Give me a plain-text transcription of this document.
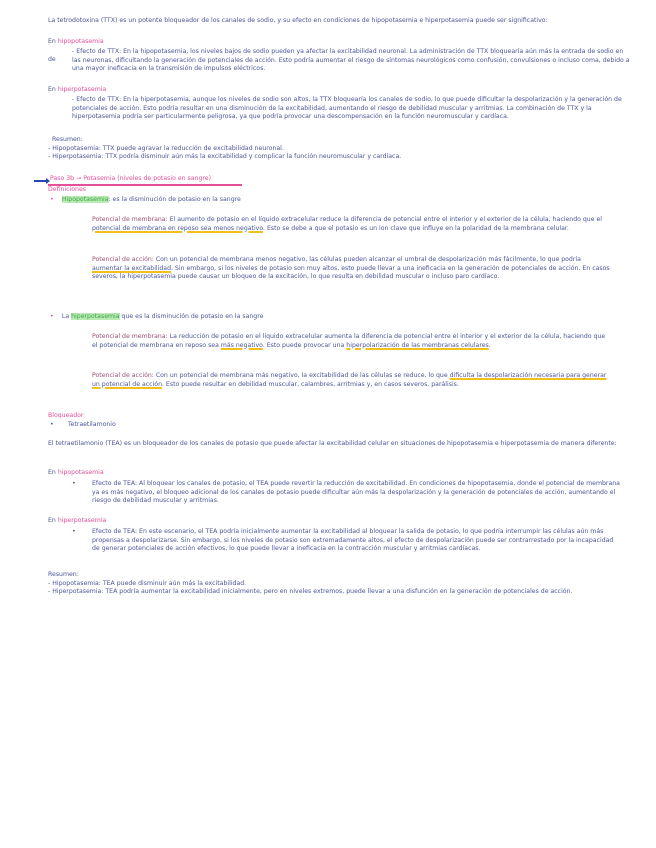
La tetrodotoxina (TTX) es un potente bloqueador de los canales de sodio, y su efecto en condiciones de hipopotasemia e hiperpotasemia puede ser significativo:

En hipopotasemia

de

- Efecto de TTX: En la hipopotasemia, los niveles bajos de sodio pueden ya afectar la excitabilidad neuronal. La administración de TTX bloquearía aún más la entrada de sodio en las neuronas, dificultando la generación de potenciales de acción. Esto podría aumentar el riesgo de síntomas neurológicos como confusión, convulsiones o incluso coma, debido a una mayor ineficacia en la transmisión de impulsos eléctricos.

En hiperpotasemia

- Efecto de TTX: En la hiperpotasemia, aunque los niveles de sodio son altos, la TTX bloquearía los canales de sodio, lo que puede dificultar la despolarización y la generación de potenciales de acción. Esto podría resultar en una disminución de la excitabilidad, aumentando el riesgo de debilidad muscular y arritmias. La combinación de TTX y la hiperpotasemia podría ser particularmente peligrosa, ya que podría provocar una descompensación en la función neuromuscular y cardíaca.

Resumen:

- Hipopotasemia: TTX puede agravar la reducción de excitabilidad neuronal.

- Hiperpotasemia: TTX podría disminuir aún más la excitabilidad y complicar la función neuromuscular y cardíaca.

Paso 3b → Potasemia (niveles de potasio en sangre)

Definiciones

• Hipopotasemia: es la disminución de potasio en la sangre

Potencial de membrana: El aumento de potasio en el líquido extracelular reduce la diferencia de potencial entre el interior y el exterior de la célula, haciendo que el potencial de membrana en reposo sea menos negativo. Esto se debe a que el potasio es un ion clave que influye en la polaridad de la membrana celular.

Potencial de acción: Con un potencial de membrana menos negativo, las células pueden alcanzar el umbral de despolarización más fácilmente, lo que podría aumentar la excitabilidad. Sin embargo, si los niveles de potasio son muy altos, esto puede llevar a una ineficacia en la generación de potenciales de acción. En casos severos, la hiperpotasemia puede causar un bloqueo de la excitación, lo que resulta en debilidad muscular o incluso paro cardíaco.

• La hiperpotasemia que es la disminución de potasio en la sangre

Potencial de membrana: La reducción de potasio en el líquido extracelular aumenta la diferencia de potencial entre el interior y el exterior de la célula, haciendo que el potencial de membrana en reposo sea más negativo. Esto puede provocar una hiperpolarización de las membranas celulares.

Potencial de acción: Con un potencial de membrana más negativo, la excitabilidad de las células se reduce, lo que dificulta la despolarización necesaria para generar un potencial de acción. Esto puede resultar en debilidad muscular, calambres, arritmias y, en casos severos, parálisis.

Bloqueador

• Tetraetilamonio

El tetraetilamonio (TEA) es un bloqueador de los canales de potasio que puede afectar la excitabilidad celular en situaciones de hipopotasemia e hiperpotasemia de manera diferente:

En hipopotasemia

•	Efecto de TEA: Al bloquear los canales de potasio, el TEA puede revertir la reducción de excitabilidad. En condiciones de hipopotasemia, donde el potencial de membrana ya es más negativo, el bloqueo adicional de los canales de potasio puede dificultar aún más la despolarización y la generación de potenciales de acción, aumentando el riesgo de debilidad muscular y arritmias.

En hiperpotasemia

•	Efecto de TEA: En este escenario, el TEA podría inicialmente aumentar la excitabilidad al bloquear la salida de potasio, lo que podría interrumpir las células aún más propensas a despolarizarse. Sin embargo, si los niveles de potasio son extremadamente altos, el efecto de despolarización puede ser contrarrestado por la incapacidad de generar potenciales de acción efectivos, lo que puede llevar a ineficacia en la contracción muscular y arritmias cardíacas.

Resumen:

- Hipopotasemia: TEA puede disminuir aún más la excitabilidad.

- Hiperpotasemia: TEA podría aumentar la excitabilidad inicialmente, pero en niveles extremos, puede llevar a una disfunción en la generación de potenciales de acción.
